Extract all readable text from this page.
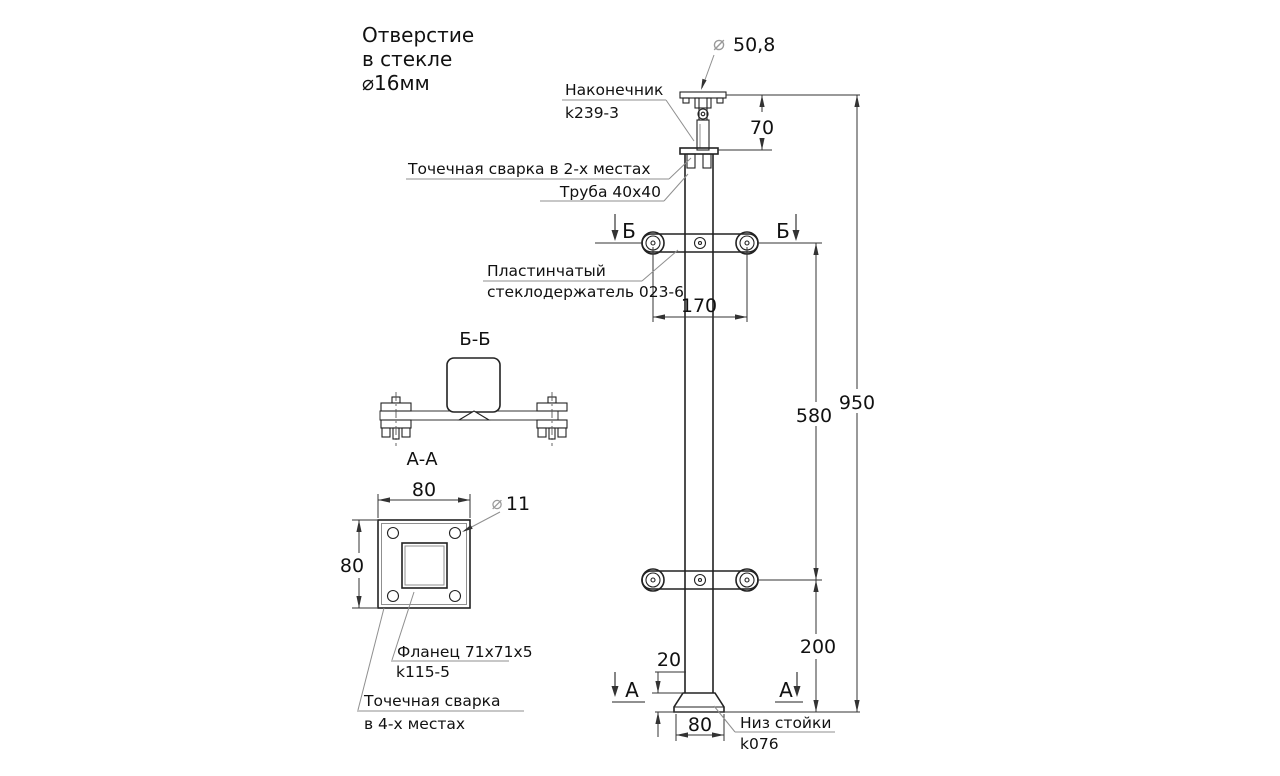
70
950
580
200
170
20
80
⌀ 50,8
Б	Б
А	А
Б-Б
А-А
80
80
⌀ 11
Отверстие
в стекле
⌀16мм	Наконечник
k239-3
Точечная сварка в 2-х местах
Труба 40x40
Пластинчатый
стеклодержатель 023-6
Фланец 71x71x5
k115-5
Точечная сварка
в 4-х местах	Низ стойки
k076
